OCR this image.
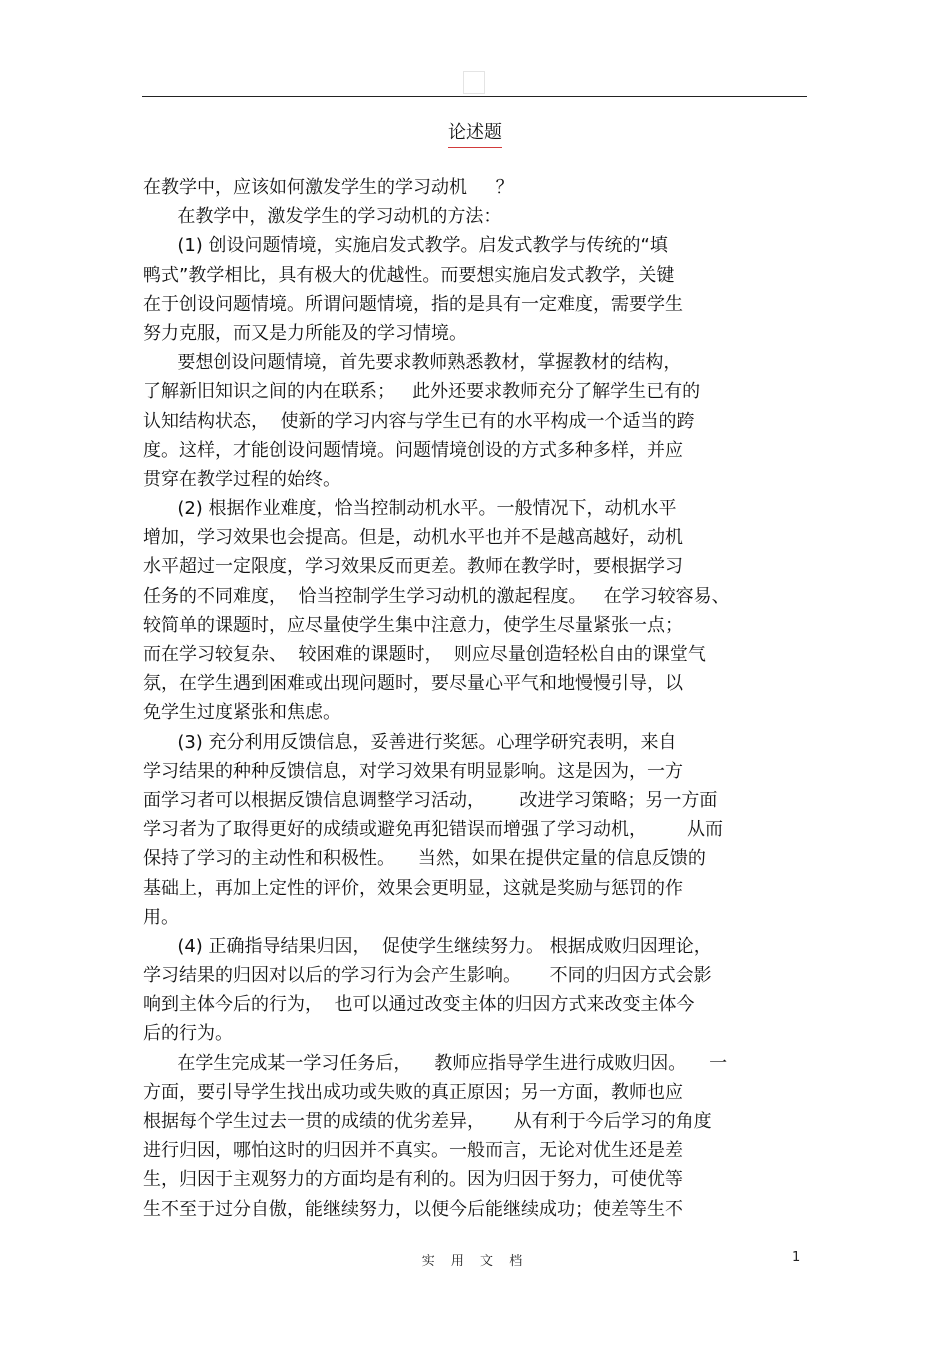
论述题
在教学中，应该如何激发学生的学习动机     ？
在教学中，激发学生的学习动机的方法：
(1) 创设问题情境，实施启发式教学。启发式教学与传统的“填
鸭式”教学相比，具有极大的优越性。而要想实施启发式教学，关键
在于创设问题情境。所谓问题情境，指的是具有一定难度，需要学生
努力克服，而又是力所能及的学习情境。
要想创设问题情境，首先要求教师熟悉教材，掌握教材的结构，
了解新旧知识之间的内在联系；   此外还要求教师充分了解学生已有的
认知结构状态，  使新的学习内容与学生已有的水平构成一个适当的跨
度。这样，才能创设问题情境。问题情境创设的方式多种多样，并应
贯穿在教学过程的始终。
(2) 根据作业难度，恰当控制动机水平。一般情况下，动机水平
增加，学习效果也会提高。但是，动机水平也并不是越高越好，动机
水平超过一定限度，学习效果反而更差。教师在教学时，要根据学习
任务的不同难度，  恰当控制学生学习动机的激起程度。   在学习较容易、
较简单的课题时，应尽量使学生集中注意力，使学生尽量紧张一点；
而在学习较复杂、  较困难的课题时，  则应尽量创造轻松自由的课堂气
氛，在学生遇到困难或出现问题时，要尽量心平气和地慢慢引导，以
免学生过度紧张和焦虑。
(3) 充分利用反馈信息，妥善进行奖惩。心理学研究表明，来自
学习结果的种种反馈信息，对学习效果有明显影响。这是因为，一方
面学习者可以根据反馈信息调整学习活动，      改进学习策略；另一方面
学习者为了取得更好的成绩或避免再犯错误而增强了学习动机，       从而
保持了学习的主动性和积极性。    当然，如果在提供定量的信息反馈的
基础上，再加上定性的评价，效果会更明显，这就是奖励与惩罚的作
用。
(4) 正确指导结果归因，  促使学生继续努力。 根据成败归因理论，
学习结果的归因对以后的学习行为会产生影响。     不同的归因方式会影
响到主体今后的行为，  也可以通过改变主体的归因方式来改变主体今
后的行为。
在学生完成某一学习任务后，    教师应指导学生进行成败归因。    一
方面，要引导学生找出成功或失败的真正原因；另一方面，教师也应
根据每个学生过去一贯的成绩的优劣差异，     从有利于今后学习的角度
进行归因，哪怕这时的归因并不真实。一般而言，无论对优生还是差
生，归因于主观努力的方面均是有利的。因为归因于努力，可使优等
生不至于过分自傲，能继续努力，以便今后能继续成功；使差等生不
实 用 文 档	1
